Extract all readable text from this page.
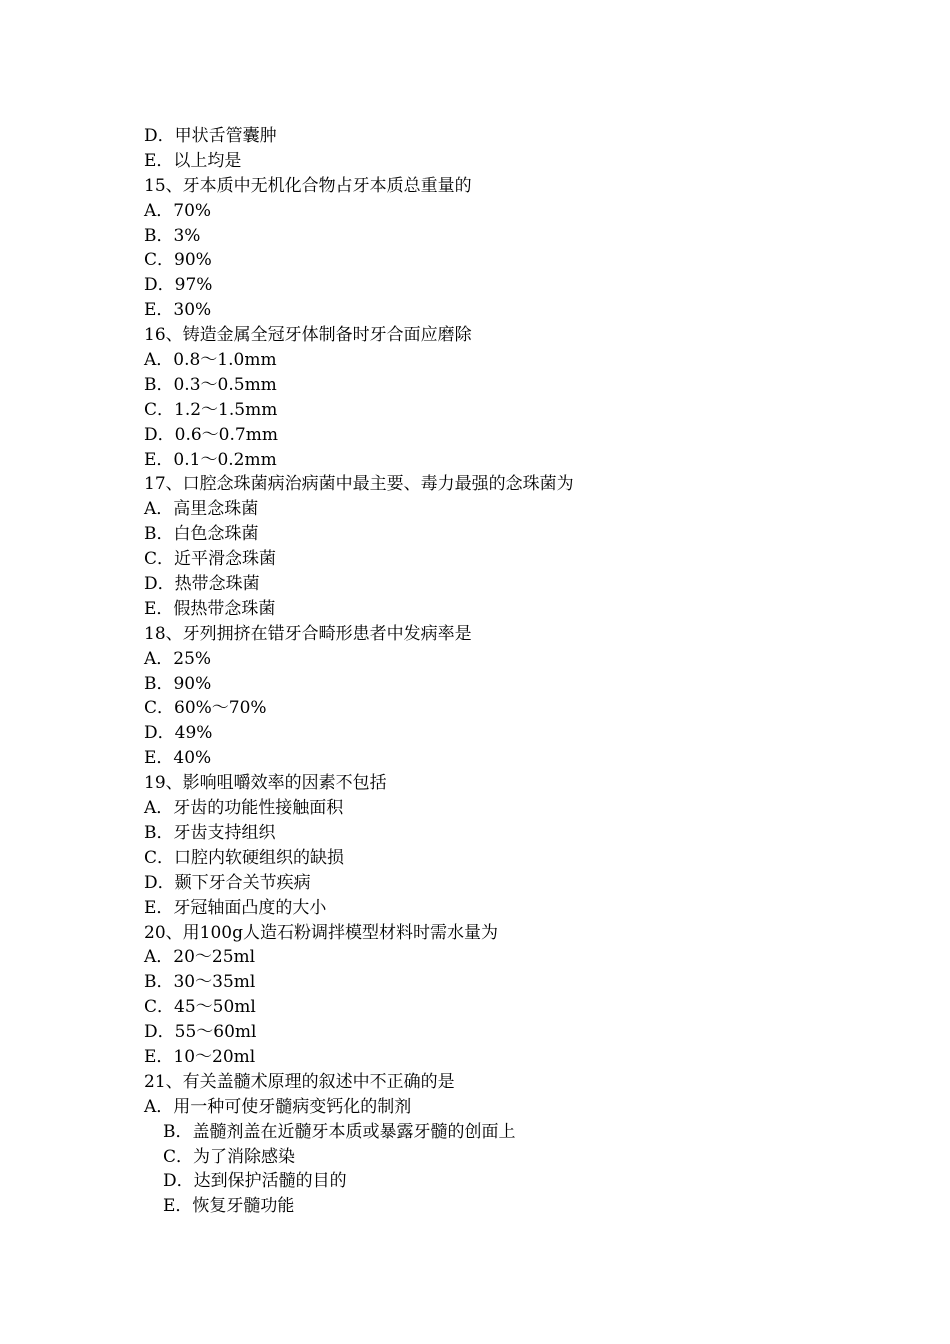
D．甲状舌管囊肿
E．以上均是
15、牙本质中无机化合物占牙本质总重量的
A．70%
B．3%
C．90%
D．97%
E．30%
16、铸造金属全冠牙体制备时牙合面应磨除
A．0.8～1.0mm
B．0.3～0.5mm
C．1.2～1.5mm
D．0.6～0.7mm
E．0.1～0.2mm
17、口腔念珠菌病治病菌中最主要、毒力最强的念珠菌为
A．高里念珠菌
B．白色念珠菌
C．近平滑念珠菌
D．热带念珠菌
E．假热带念珠菌
18、牙列拥挤在错牙合畸形患者中发病率是
A．25%
B．90%
C．60%～70%
D．49%
E．40%
19、影响咀嚼效率的因素不包括
A．牙齿的功能性接触面积
B．牙齿支持组织
C．口腔内软硬组织的缺损
D．颞下牙合关节疾病
E．牙冠轴面凸度的大小
20、用100g人造石粉调拌模型材料时需水量为
A．20～25ml
B．30～35ml
C．45～50ml
D．55～60ml
E．10～20ml
21、有关盖髓术原理的叙述中不正确的是
A．用一种可使牙髓病变钙化的制剂
B．盖髓剂盖在近髓牙本质或暴露牙髓的创面上
C．为了消除感染
D．达到保护活髓的目的
E．恢复牙髓功能
